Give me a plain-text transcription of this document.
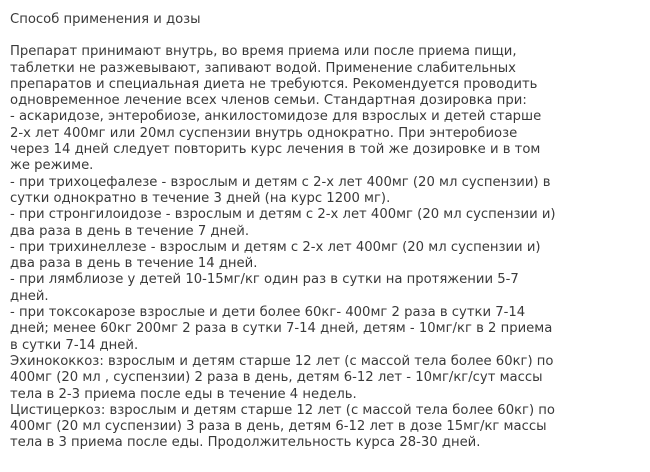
Способ применения и дозы
Препарат принимают внутрь, во время приема или после приема пищи,
таблетки не разжевывают, запивают водой. Применение слабительных
препаратов и специальная диета не требуются. Рекомендуется проводить
одновременное лечение всех членов семьи. Стандартная дозировка при:
- аскаридозе, энтеробиозе, анкилостомидозе для взрослых и детей старше
2-х лет 400мг или 20мл суспензии внутрь однократно. При энтеробиозе
через 14 дней следует повторить курс лечения в той же дозировке и в том
же режиме.
- при трихоцефалезе - взрослым и детям с 2-х лет 400мг (20 мл суспензии) в
сутки однократно в течение 3 дней (на курс 1200 мг).
- при стронгилоидозе - взрослым и детям с 2-х лет 400мг (20 мл суспензии и)
два раза в день в течение 7 дней.
- при трихинеллезе - взрослым и детям с 2-х лет 400мг (20 мл суспензии и)
два раза в день в течение 14 дней.
- при лямблиозе у детей 10-15мг/кг один раз в сутки на протяжении 5-7
дней.
- при токсокарозе взрослые и дети более 60кг- 400мг 2 раза в сутки 7-14
дней; менее 60кг 200мг 2 раза в сутки 7-14 дней, детям - 10мг/кг в 2 приема
в сутки 7-14 дней.
Эхинококкоз: взрослым и детям старше 12 лет (с массой тела более 60кг) по
400мг (20 мл , суспензии) 2 раза в день, детям 6-12 лет - 10мг/кг/сут массы
тела в 2-3 приема после еды в течение 4 недель.
Цистицеркоз: взрослым и детям старше 12 лет (с массой тела более 60кг) по
400мг (20 мл суспензии) 3 раза в день, детям 6-12 лет в дозе 15мг/кг массы
тела в 3 приема после еды. Продолжительность курса 28-30 дней.
